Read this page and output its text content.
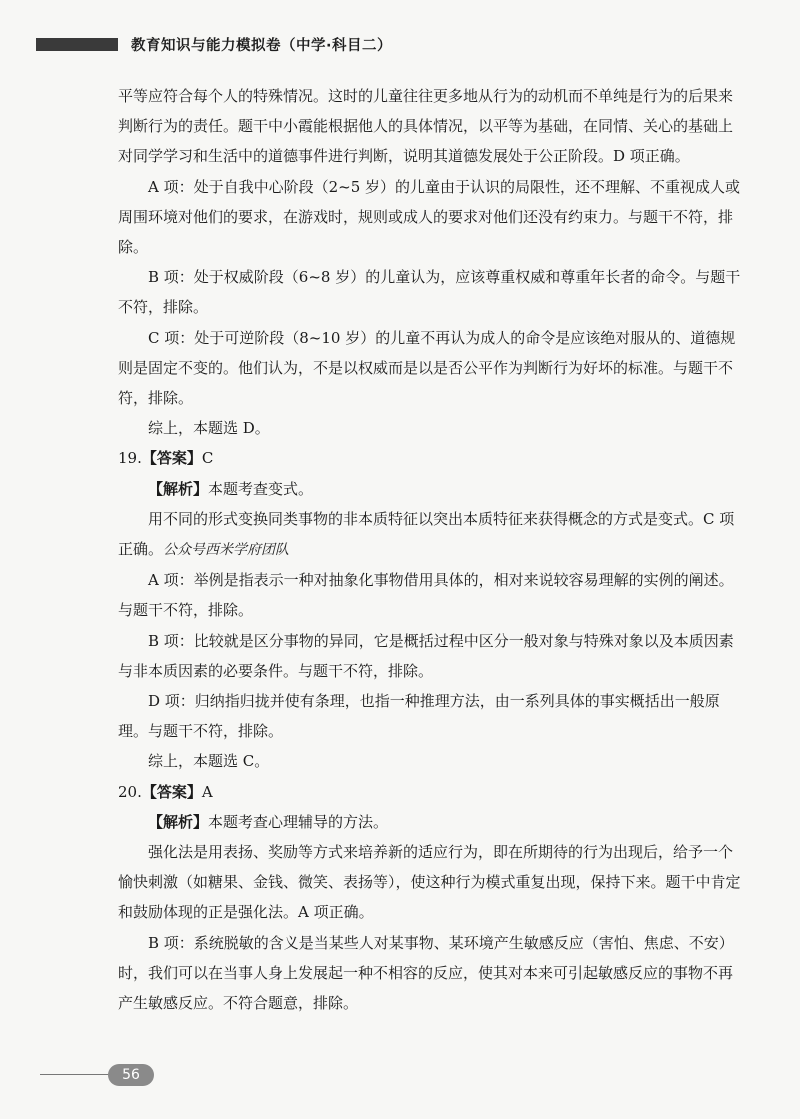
教育知识与能力模拟卷（中学·科目二）

平等应符合每个人的特殊情况。这时的儿童往往更多地从行为的动机而不单纯是行为的后果来判断行为的责任。题干中小霞能根据他人的具体情况，以平等为基础，在同情、关心的基础上对同学学习和生活中的道德事件进行判断，说明其道德发展处于公正阶段。D 项正确。

A 项：处于自我中心阶段（2~5 岁）的儿童由于认识的局限性，还不理解、不重视成人或周围环境对他们的要求，在游戏时，规则或成人的要求对他们还没有约束力。与题干不符，排除。

B 项：处于权威阶段（6~8 岁）的儿童认为，应该尊重权威和尊重年长者的命令。与题干不符，排除。

C 项：处于可逆阶段（8~10 岁）的儿童不再认为成人的命令是应该绝对服从的、道德规则是固定不变的。他们认为，不是以权威而是以是否公平作为判断行为好坏的标准。与题干不符，排除。

综上，本题选 D。

19.【答案】C

【解析】本题考查变式。

用不同的形式变换同类事物的非本质特征以突出本质特征来获得概念的方式是变式。C 项正确。公众号西米学府团队

A 项：举例是指表示一种对抽象化事物借用具体的，相对来说较容易理解的实例的阐述。与题干不符，排除。

B 项：比较就是区分事物的异同，它是概括过程中区分一般对象与特殊对象以及本质因素与非本质因素的必要条件。与题干不符，排除。

D 项：归纳指归拢并使有条理，也指一种推理方法，由一系列具体的事实概括出一般原理。与题干不符，排除。

综上，本题选 C。

20.【答案】A

【解析】本题考查心理辅导的方法。

强化法是用表扬、奖励等方式来培养新的适应行为，即在所期待的行为出现后，给予一个愉快刺激（如糖果、金钱、微笑、表扬等），使这种行为模式重复出现，保持下来。题干中肯定和鼓励体现的正是强化法。A 项正确。

B 项：系统脱敏的含义是当某些人对某事物、某环境产生敏感反应（害怕、焦虑、不安）时，我们可以在当事人身上发展起一种不相容的反应，使其对本来可引起敏感反应的事物不再产生敏感反应。不符合题意，排除。

56
